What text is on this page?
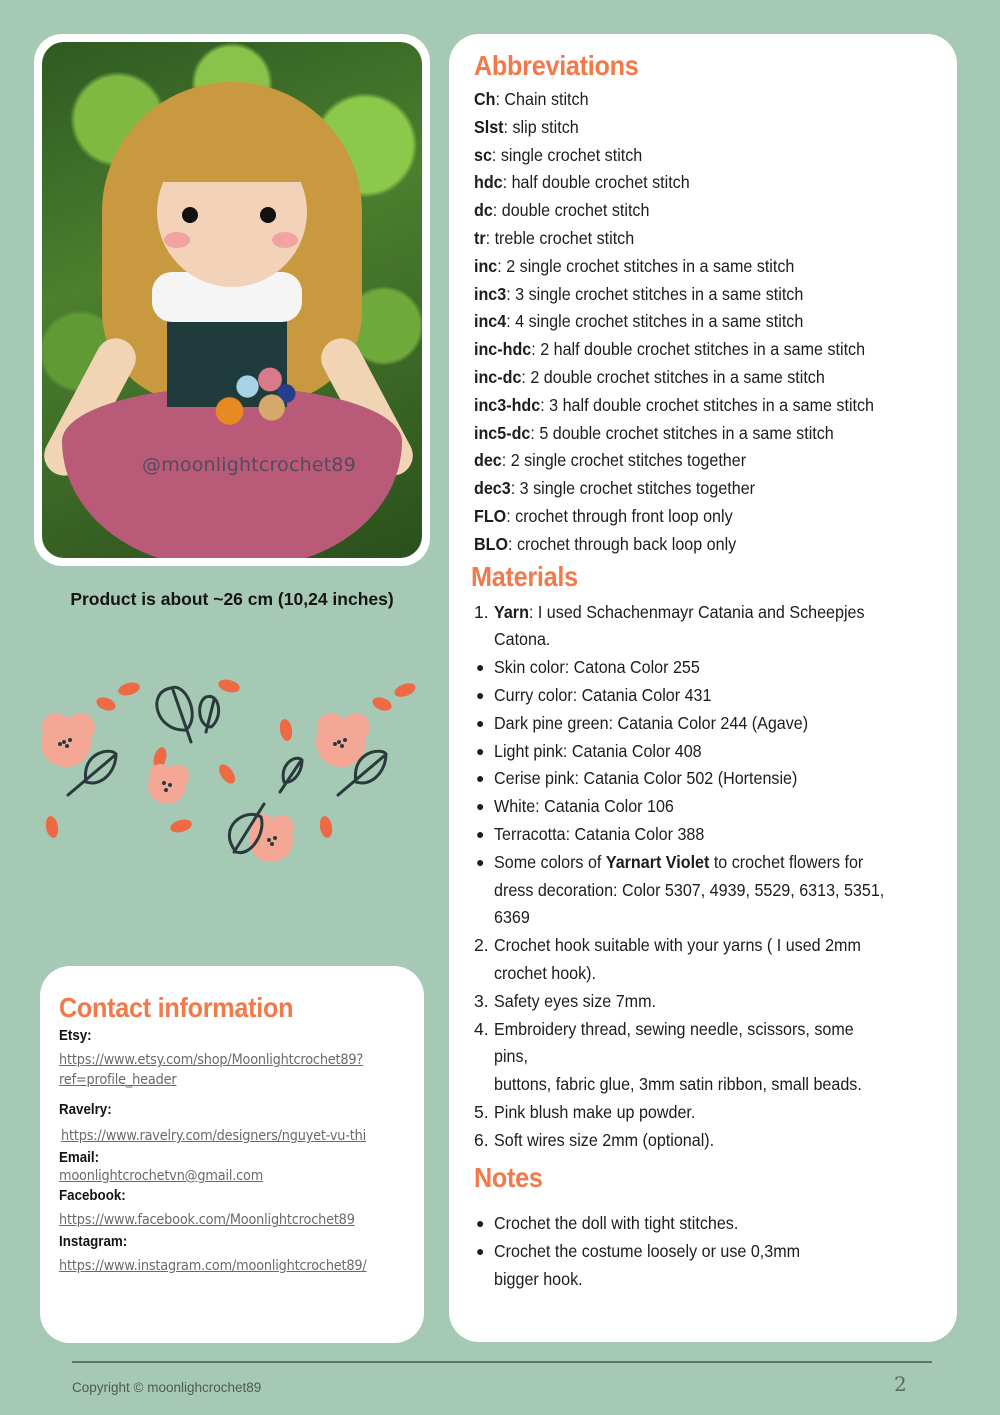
@moonlightcrochet89
Product is about ~26 cm (10,24 inches)
Contact information
Etsy:
https://www.etsy.com/shop/Moonlightcrochet89?
ref=profile_header
Ravelry:
https://www.ravelry.com/designers/nguyet-vu-thi
Email:
moonlightcrochetvn@gmail.com
Facebook:
https://www.facebook.com/Moonlightcrochet89
Instagram:
https://www.instagram.com/moonlightcrochet89/
Abbreviations
Ch: Chain stitch
Slst: slip stitch
sc: single crochet stitch
hdc: half double crochet stitch
dc: double crochet stitch
tr: treble crochet stitch
inc: 2 single crochet stitches in a same stitch
inc3: 3 single crochet stitches in a same stitch
inc4: 4 single crochet stitches in a same stitch
inc-hdc: 2 half double crochet stitches in a same stitch
inc-dc: 2 double crochet stitches in a same stitch
inc3-hdc: 3 half double crochet stitches in a same stitch
inc5-dc: 5 double crochet stitches in a same stitch
dec: 2 single crochet stitches together
dec3: 3 single crochet stitches together
FLO: crochet through front loop only
BLO: crochet through back loop only
Materials
1. Yarn: I used Schachenmayr Catania and Scheepjes
Catona.
● Skin color: Catona Color 255
● Curry color: Catania Color 431
● Dark pine green: Catania Color 244 (Agave)
● Light pink: Catania Color 408
● Cerise pink: Catania Color 502 (Hortensie)
● White: Catania Color 106
● Terracotta: Catania Color 388
● Some colors of Yarnart Violet to crochet flowers for
dress decoration: Color 5307, 4939, 5529, 6313, 5351,
6369
2. Crochet hook suitable with your yarns ( I used 2mm
crochet hook).
3. Safety eyes size 7mm.
4. Embroidery thread, sewing needle, scissors, some pins,
buttons, fabric glue, 3mm satin ribbon, small beads.
5. Pink blush make up powder.
6. Soft wires size 2mm (optional).
Notes
● Crochet the doll with tight stitches.
● Crochet the costume loosely or use 0,3mm
bigger hook.
Copyright © moonlighcrochet89	2
